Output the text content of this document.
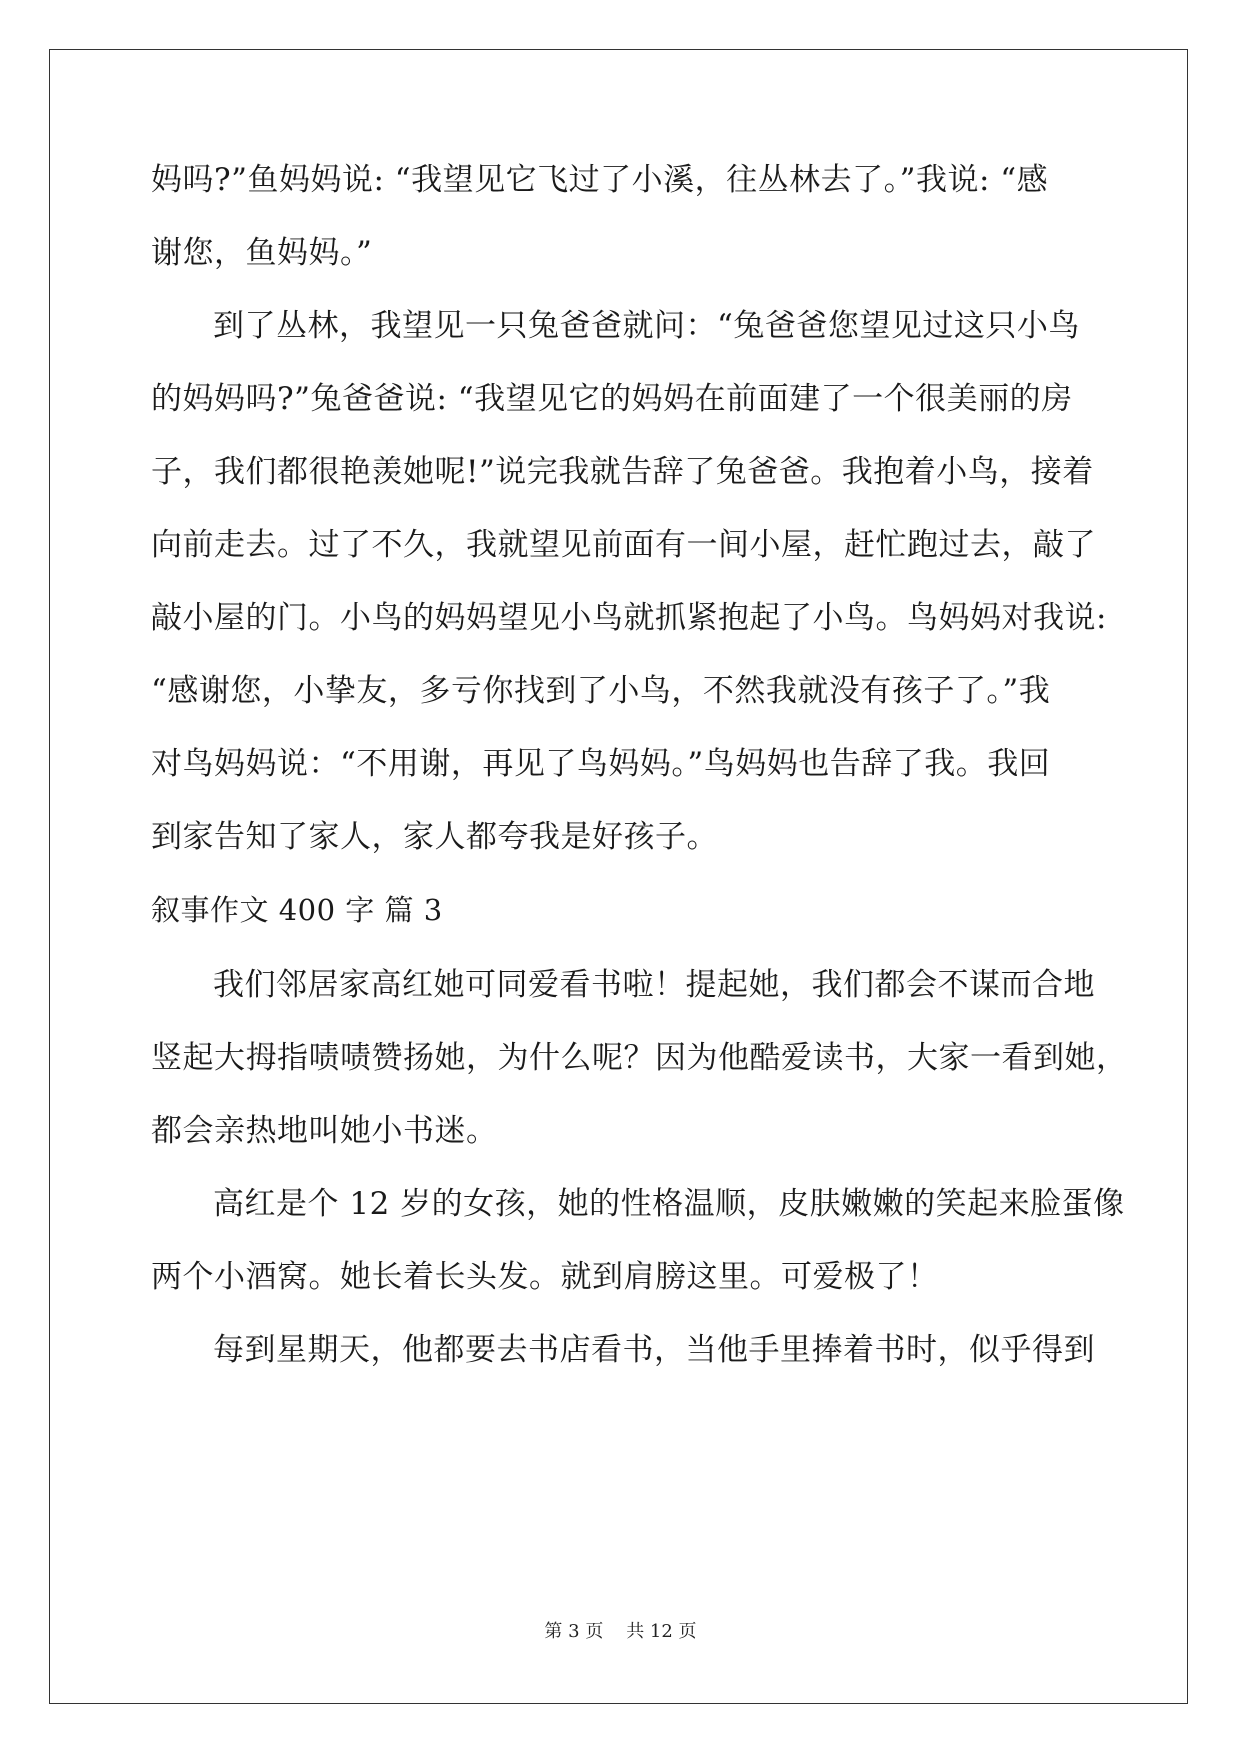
妈吗?”鱼妈妈说: “我望见它飞过了小溪，往丛林去了。”我说: “感
谢您，鱼妈妈。”
到了丛林，我望见一只兔爸爸就问：“兔爸爸您望见过这只小鸟
的妈妈吗?”兔爸爸说: “我望见它的妈妈在前面建了一个很美丽的房
子，我们都很艳羡她呢!”说完我就告辞了兔爸爸。我抱着小鸟，接着
向前走去。过了不久，我就望见前面有一间小屋，赶忙跑过去，敲了
敲小屋的门。小鸟的妈妈望见小鸟就抓紧抱起了小鸟。鸟妈妈对我说:
“感谢您，小挚友，多亏你找到了小鸟，不然我就没有孩子了。”我
对鸟妈妈说：“不用谢，再见了鸟妈妈。”鸟妈妈也告辞了我。我回
到家告知了家人，家人都夸我是好孩子。
叙事作文 400 字 篇 3
我们邻居家高红她可同爱看书啦！提起她，我们都会不谋而合地
竖起大拇指啧啧赞扬她，为什么呢？因为他酷爱读书，大家一看到她，
都会亲热地叫她小书迷。
高红是个 12 岁的女孩，她的性格温顺，皮肤嫩嫩的笑起来脸蛋像
两个小酒窝。她长着长头发。就到肩膀这里。可爱极了！
每到星期天，他都要去书店看书，当他手里捧着书时，似乎得到
第 3 页    共 12 页
